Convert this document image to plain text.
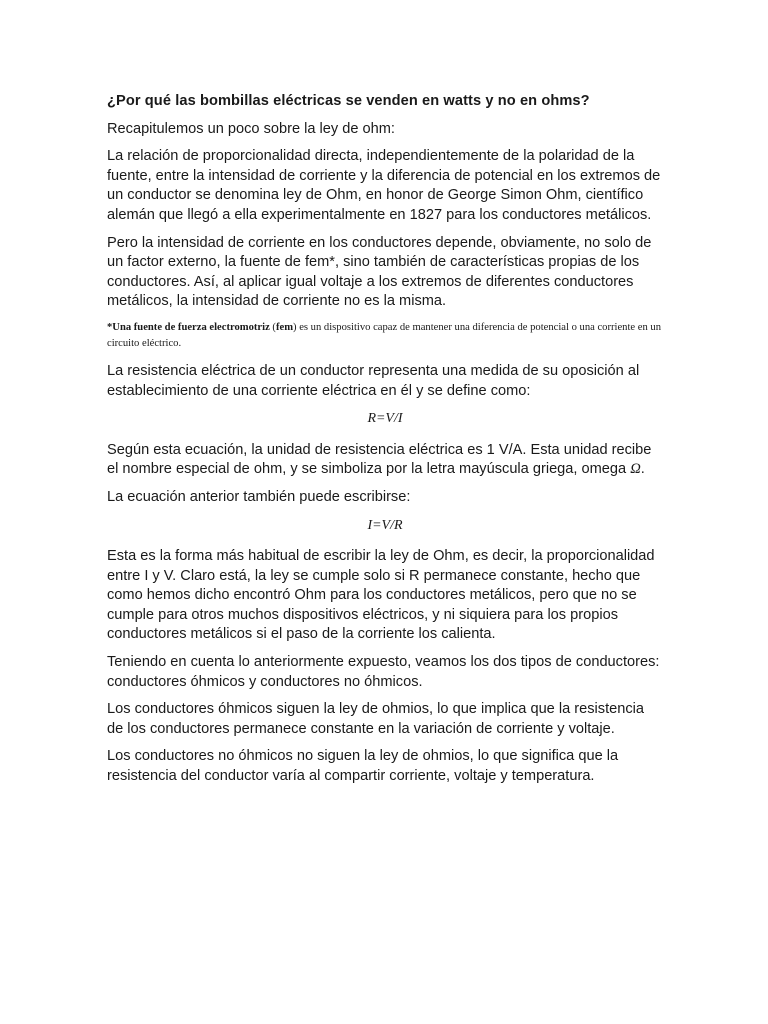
¿Por qué las bombillas eléctricas se venden en watts y no en ohms?

Recapitulemos un poco sobre la ley de ohm:

La relación de proporcionalidad directa, independientemente de la polaridad de la fuente, entre la intensidad de corriente y la diferencia de potencial en los extremos de un conductor se denomina ley de Ohm, en honor de George Simon Ohm, científico alemán que llegó a ella experimentalmente en 1827 para los conductores metálicos.

Pero la intensidad de corriente en los conductores depende, obviamente, no solo de un factor externo, la fuente de fem*, sino también de características propias de los conductores. Así, al aplicar igual voltaje a los extremos de diferentes conductores metálicos, la intensidad de corriente no es la misma.

*Una fuente de fuerza electromotriz (fem) es un dispositivo capaz de mantener una diferencia de potencial o una corriente en un circuito eléctrico.

La resistencia eléctrica de un conductor representa una medida de su oposición al establecimiento de una corriente eléctrica en él y se define como:

R=V/I

Según esta ecuación, la unidad de resistencia eléctrica es 1 V/A. Esta unidad recibe el nombre especial de ohm, y se simboliza por la letra mayúscula griega, omega Ω.

La ecuación anterior también puede escribirse:

I=V/R

Esta es la forma más habitual de escribir la ley de Ohm, es decir, la proporcionalidad entre I y V. Claro está, la ley se cumple solo si R permanece constante, hecho que como hemos dicho encontró Ohm para los conductores metálicos, pero que no se cumple para otros muchos dispositivos eléctricos, y ni siquiera para los propios conductores metálicos si el paso de la corriente los calienta.

Teniendo en cuenta lo anteriormente expuesto, veamos los dos tipos de conductores: conductores óhmicos y conductores no óhmicos.

Los conductores óhmicos siguen la ley de ohmios, lo que implica que la resistencia de los conductores permanece constante en la variación de corriente y voltaje.

Los conductores no óhmicos no siguen la ley de ohmios, lo que significa que la resistencia del conductor varía al compartir corriente, voltaje y temperatura.
